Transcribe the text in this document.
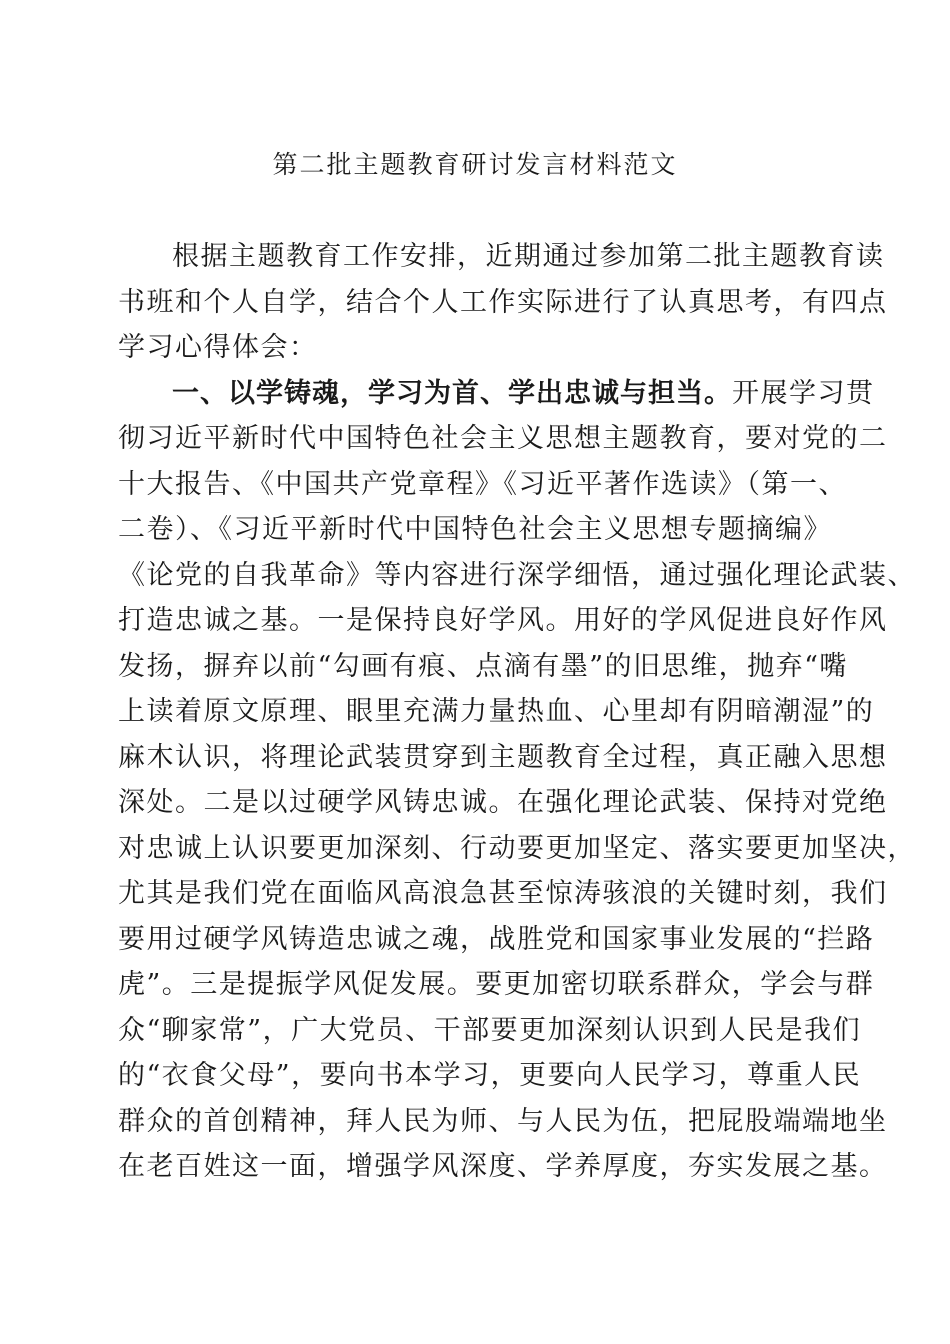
第二批主题教育研讨发言材料范文
根据主题教育工作安排，近期通过参加第二批主题教育读
书班和个人自学，结合个人工作实际进行了认真思考，有四点
学习心得体会：
一、以学铸魂，学习为首、学出忠诚与担当。开展学习贯
彻习近平新时代中国特色社会主义思想主题教育，要对党的二
十大报告、《中国共产党章程》《习近平著作选读》（第一、
二卷）、《习近平新时代中国特色社会主义思想专题摘编》
《论党的自我革命》等内容进行深学细悟，通过强化理论武装、
打造忠诚之基。一是保持良好学风。用好的学风促进良好作风
发扬，摒弃以前“勾画有痕、点滴有墨”的旧思维，抛弃“嘴
上读着原文原理、眼里充满力量热血、心里却有阴暗潮湿”的
麻木认识，将理论武装贯穿到主题教育全过程，真正融入思想
深处。二是以过硬学风铸忠诚。在强化理论武装、保持对党绝
对忠诚上认识要更加深刻、行动要更加坚定、落实要更加坚决，
尤其是我们党在面临风高浪急甚至惊涛骇浪的关键时刻，我们
要用过硬学风铸造忠诚之魂，战胜党和国家事业发展的“拦路
虎”。三是提振学风促发展。要更加密切联系群众，学会与群
众“聊家常”，广大党员、干部要更加深刻认识到人民是我们
的“衣食父母”，要向书本学习，更要向人民学习，尊重人民
群众的首创精神，拜人民为师、与人民为伍，把屁股端端地坐
在老百姓这一面，增强学风深度、学养厚度，夯实发展之基。
